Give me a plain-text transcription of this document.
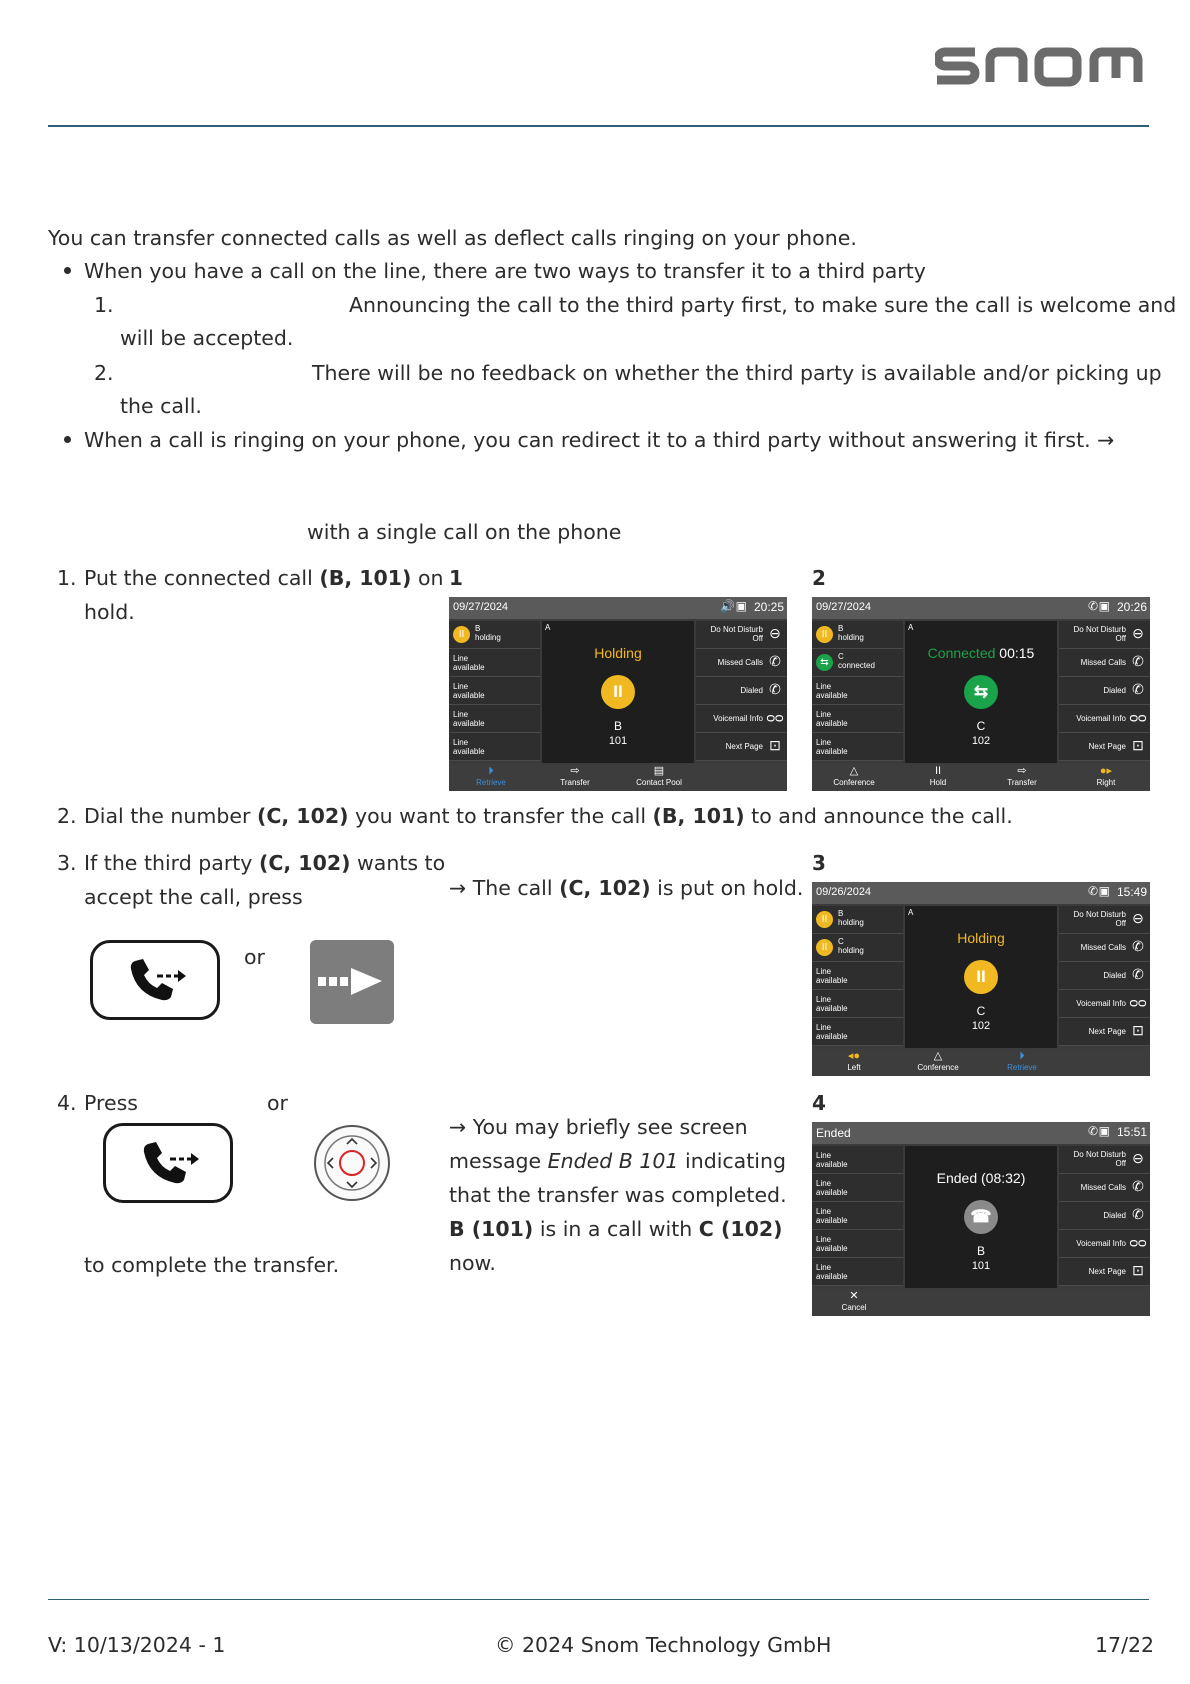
You can transfer connected calls as well as deflect calls ringing on your phone.
When you have a call on the line, there are two ways to transfer it to a third party
1.	Announcing the call to the third party first, to make sure the call is welcome and
will be accepted.
2.	There will be no feedback on whether the third party is available and/or picking up
the call.
When a call is ringing on your phone, you can redirect it to a third party without answering it first. →
with a single call on the phone
1. Put the connected call (B, 101) on
hold.
2. Dial the number (C, 102) you want to transfer the call (B, 101) to and announce the call.
3. If the third party (C, 102) wants to
accept the call, press
or
→ The call (C, 102) is put on hold.
4. Press	or
to complete the transfer.
→ You may briefly see screen
message Ended B 101 indicating
that the transfer was completed.
B (101) is in a call with C (102)
now.
1	2
3
4
09/27/2024	🔊 ▣ 20:25
II
B
holding
Line
available
Line
available
Line
available
Line
available
A
Holding
II
B
101
Do Not Disturb
Off ⊖
Missed Calls ✆
Dialed ✆
Voicemail Info ᴑᴑ
Next Page ⊡
⏵
Retrieve
⇨
Transfer
▤
Contact Pool
09/27/2024	✆ ▣ 20:26
II
B
holding
⇆
C
connected
Line
available
Line
available
Line
available
A
Connected 00:15
⇆
C
102
Do Not Disturb
Off ⊖
Missed Calls ✆
Dialed ✆
Voicemail Info ᴑᴑ
Next Page ⊡
△
Conference
II
Hold
⇨
Transfer
●▸
Right
09/26/2024	✆ ▣ 15:49
II
B
holding
II
C
holding
Line
available
Line
available
Line
available
A
Holding
II
C
102
Do Not Disturb
Off ⊖
Missed Calls ✆
Dialed ✆
Voicemail Info ᴑᴑ
Next Page ⊡
◂●
Left
△
Conference
⏵
Retrieve
Ended	✆ ▣ 15:51
Line
available
Line
available
Line
available
Line
available
Line
available
Ended (08:32)
☎
B
101
Do Not Disturb
Off ⊖
Missed Calls ✆
Dialed ✆
Voicemail Info ᴑᴑ
Next Page ⊡
✕
Cancel
V: 10/13/2024 - 1	© 2024 Snom Technology GmbH	17/22
